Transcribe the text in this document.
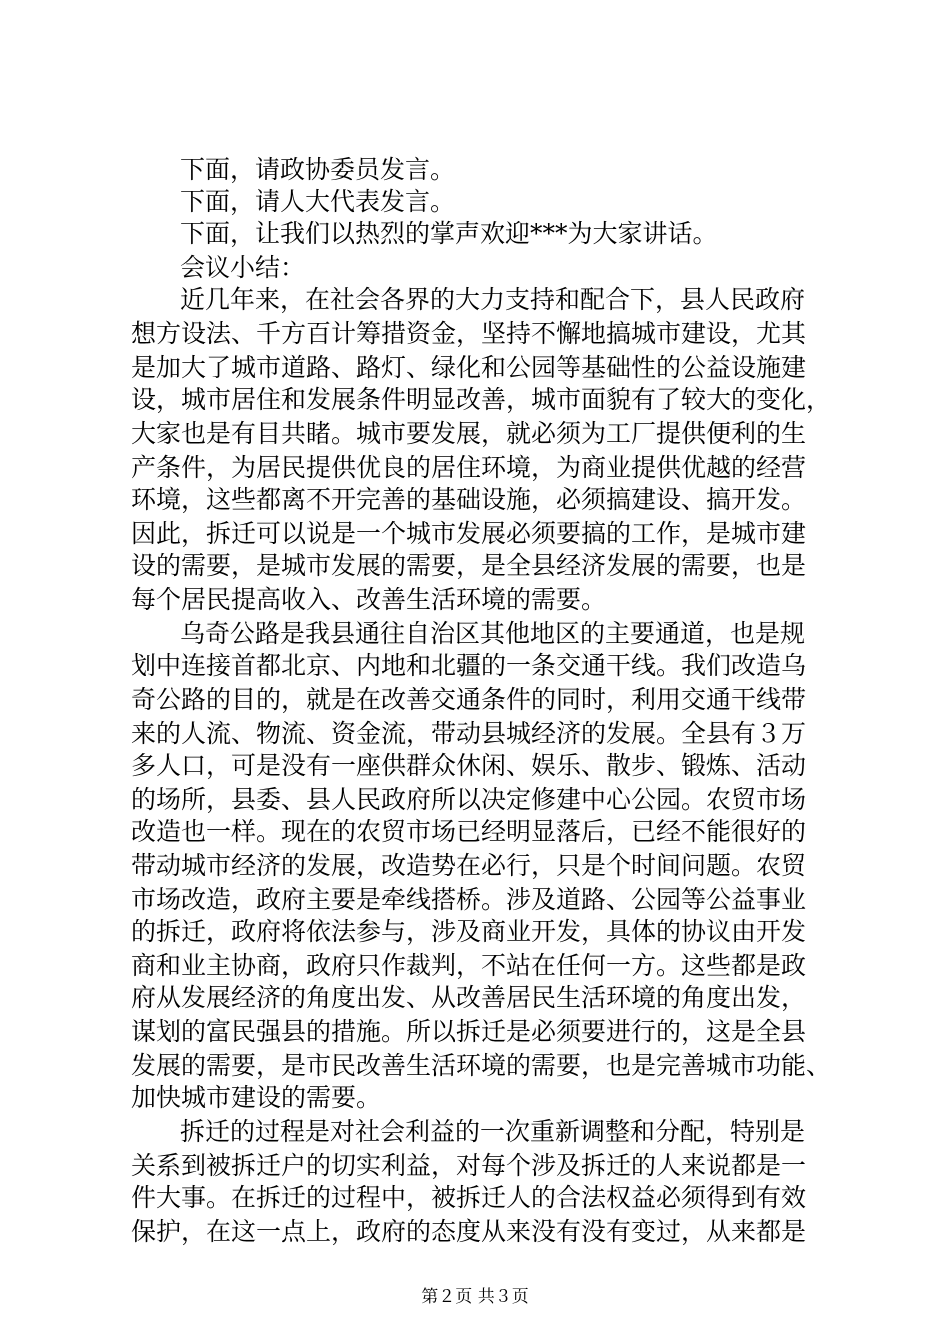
下面，请政协委员发言。

下面，请人大代表发言。

下面，让我们以热烈的掌声欢迎***为大家讲话。

会议小结：

近几年来，在社会各界的大力支持和配合下，县人民政府

想方设法、千方百计筹措资金，坚持不懈地搞城市建设，尤其

是加大了城市道路、路灯、绿化和公园等基础性的公益设施建

设，城市居住和发展条件明显改善，城市面貌有了较大的变化，

大家也是有目共睹。城市要发展，就必须为工厂提供便利的生

产条件，为居民提供优良的居住环境，为商业提供优越的经营

环境，这些都离不开完善的基础设施，必须搞建设、搞开发。

因此，拆迁可以说是一个城市发展必须要搞的工作，是城市建

设的需要，是城市发展的需要，是全县经济发展的需要，也是

每个居民提高收入、改善生活环境的需要。

乌奇公路是我县通往自治区其他地区的主要通道，也是规

划中连接首都北京、内地和北疆的一条交通干线。我们改造乌

奇公路的目的，就是在改善交通条件的同时，利用交通干线带

来的人流、物流、资金流，带动县城经济的发展。全县有３万

多人口，可是没有一座供群众休闲、娱乐、散步、锻炼、活动

的场所，县委、县人民政府所以决定修建中心公园。农贸市场

改造也一样。现在的农贸市场已经明显落后，已经不能很好的

带动城市经济的发展，改造势在必行，只是个时间问题。农贸

市场改造，政府主要是牵线搭桥。涉及道路、公园等公益事业

的拆迁，政府将依法参与，涉及商业开发，具体的协议由开发

商和业主协商，政府只作裁判，不站在任何一方。这些都是政

府从发展经济的角度出发、从改善居民生活环境的角度出发，

谋划的富民强县的措施。所以拆迁是必须要进行的，这是全县

发展的需要，是市民改善生活环境的需要，也是完善城市功能、

加快城市建设的需要。

拆迁的过程是对社会利益的一次重新调整和分配，特别是

关系到被拆迁户的切实利益，对每个涉及拆迁的人来说都是一

件大事。在拆迁的过程中，被拆迁人的合法权益必须得到有效

保护，在这一点上，政府的态度从来没有没有变过，从来都是

第２页 共３页
